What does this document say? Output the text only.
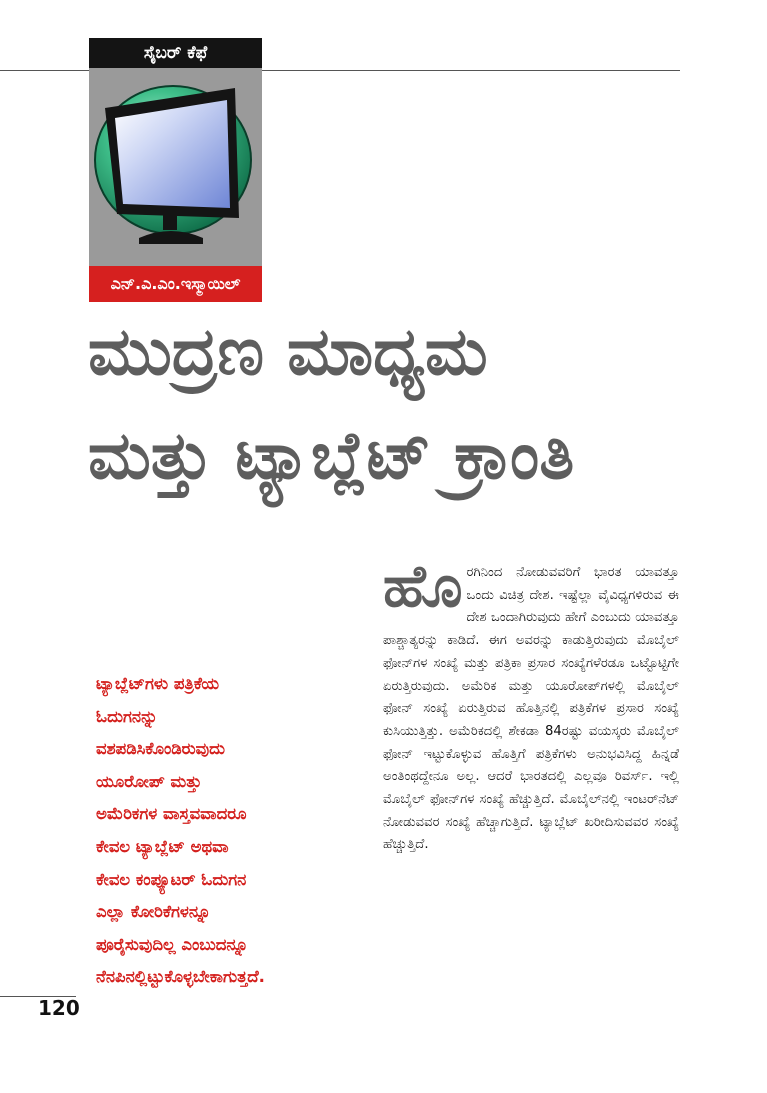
ಸೈಬರ್ ಕೆಫೆ
ಎನ್.ಎ.ಎಂ.ಇಸ್ಮಾಯಿಲ್
ಮುದ್ರಣ ಮಾಧ್ಯಮ
ಮತ್ತು ಟ್ಯಾಬ್ಲೆಟ್ ಕ್ರಾಂತಿ
ಟ್ಯಾಬ್ಲೆಟ್‌ಗಳು ಪತ್ರಿಕೆಯ
ಓದುಗನನ್ನು
ವಶಪಡಿಸಿಕೊಂಡಿರುವುದು
ಯೂರೋಪ್ ಮತ್ತು
ಅಮೆರಿಕಗಳ ವಾಸ್ತವವಾದರೂ
ಕೇವಲ ಟ್ಯಾಬ್ಲೆಟ್ ಅಥವಾ
ಕೇವಲ ಕಂಪ್ಯೂಟರ್ ಓದುಗನ
ಎಲ್ಲಾ ಕೋರಿಕೆಗಳನ್ನೂ
ಪೂರೈಸುವುದಿಲ್ಲ ಎಂಬುದನ್ನೂ
ನೆನಪಿನಲ್ಲಿಟ್ಟುಕೊಳ್ಳಬೇಕಾಗುತ್ತದೆ.
ಹೊರಗಿನಿಂದ ನೋಡುವವರಿಗೆ ಭಾರತ ಯಾವತ್ತೂ ಒಂದು ವಿಚಿತ್ರ ದೇಶ. ಇಷ್ಟೆಲ್ಲಾ ವೈವಿಧ್ಯಗಳಿರುವ ಈ ದೇಶ ಒಂದಾಗಿರುವುದು ಹೇಗೆ ಎಂಬುದು ಯಾವತ್ತೂ ಪಾಶ್ಚಾತ್ಯರನ್ನು ಕಾಡಿದೆ. ಈಗ ಅವರನ್ನು ಕಾಡುತ್ತಿರುವುದು ಮೊಬೈಲ್ ಫೋನ್‌ಗಳ ಸಂಖ್ಯೆ ಮತ್ತು ಪತ್ರಿಕಾ ಪ್ರಸಾರ ಸಂಖ್ಯೆಗಳೆರಡೂ ಒಟ್ಟೊಟ್ಟಿಗೇ ಏರುತ್ತಿರುವುದು. ಅಮೆರಿಕ ಮತ್ತು ಯೂರೋಪ್‌ಗಳಲ್ಲಿ ಮೊಬೈಲ್ ಫೋನ್ ಸಂಖ್ಯೆ ಏರುತ್ತಿರುವ ಹೊತ್ತಿನಲ್ಲಿ ಪತ್ರಿಕೆಗಳ ಪ್ರಸಾರ ಸಂಖ್ಯೆ ಕುಸಿಯುತ್ತಿತ್ತು. ಅಮೆರಿಕದಲ್ಲಿ ಶೇಕಡಾ 84ರಷ್ಟು ವಯಸ್ಕರು ಮೊಬೈಲ್ ಫೋನ್ ಇಟ್ಟುಕೊಳ್ಳುವ ಹೊತ್ತಿಗೆ ಪತ್ರಿಕೆಗಳು ಅನುಭವಿಸಿದ್ದ ಹಿನ್ನಡೆ ಅಂತಿಂಥದ್ದೇನೂ ಅಲ್ಲ. ಆದರೆ ಭಾರತದಲ್ಲಿ ಎಲ್ಲವೂ ರಿವರ್ಸ್. ಇಲ್ಲಿ ಮೊಬೈಲ್ ಫೋನ್‌ಗಳ ಸಂಖ್ಯೆ ಹೆಚ್ಚುತ್ತಿದೆ. ಮೊಬೈಲ್‌ನಲ್ಲಿ ಇಂಟರ್‌ನೆಟ್ ನೋಡುವವರ ಸಂಖ್ಯೆ ಹೆಚ್ಚಾಗುತ್ತಿದೆ. ಟ್ಯಾಬ್ಲೆಟ್ ಖರೀದಿಸುವವರ ಸಂಖ್ಯೆ ಹೆಚ್ಚುತ್ತಿದೆ.
120
